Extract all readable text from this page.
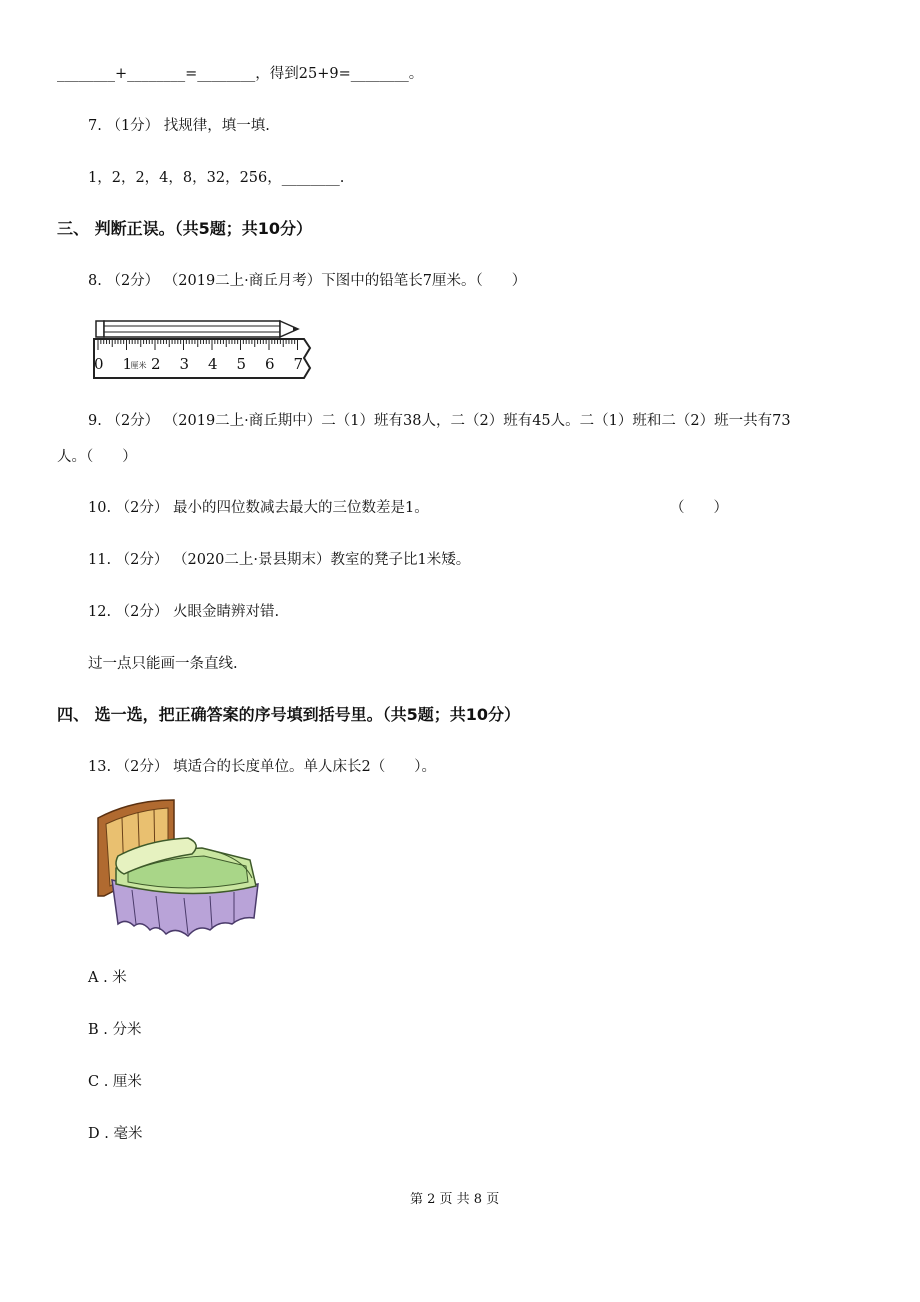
________+________=________，得到25+9=________。
7. （1分） 找规律，填一填.
1，2，2，4，8，32，256，________.
三、 判断正误。（共5题；共10分）
8. （2分） （2019二上·商丘月考）下图中的铅笔长7厘米。（　　）
0 1 2 3 4 5 6 7
厘米
9. （2分） （2019二上·商丘期中）二（1）班有38人，二（2）班有45人。二（1）班和二（2）班一共有73
人。（　　）
10. （2分） 最小的四位数减去最大的三位数差是1。	（　　）
11. （2分） （2020二上·景县期末）教室的凳子比1米矮。
12. （2分） 火眼金睛辨对错.
过一点只能画一条直线.
四、 选一选，把正确答案的序号填到括号里。（共5题；共10分）
13. （2分） 填适合的长度单位。单人床长2（　　）。
A . 米
B . 分米
C . 厘米
D . 毫米
第 2 页 共 8 页
